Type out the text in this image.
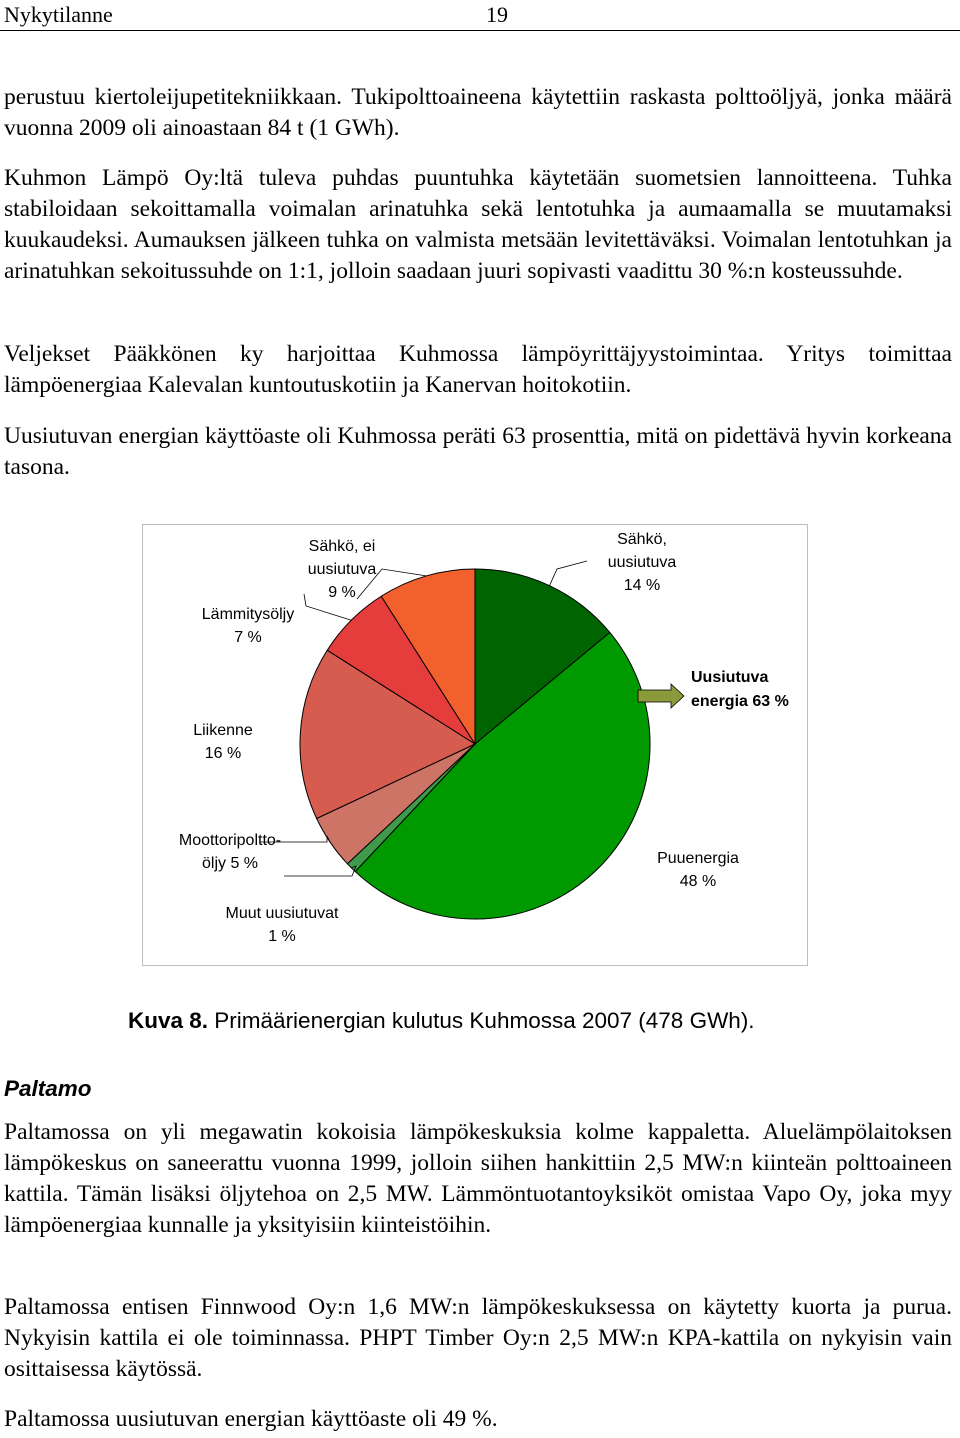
Nykytilanne	19

perustuu kiertoleijupetitekniikkaan. Tukipolttoaineena käytettiin raskasta polttoöljyä, jonka määrä vuonna 2009 oli ainoastaan 84 t (1 GWh).

Kuhmon Lämpö Oy:ltä tuleva puhdas puuntuhka käytetään suometsien lannoitteena. Tuhka stabiloidaan sekoittamalla voimalan arinatuhka sekä lentotuhka ja aumaamalla se muutamaksi kuukaudeksi. Aumauksen jälkeen tuhka on valmista metsään levitettäväksi. Voimalan lentotuhkan ja arinatuhkan sekoitussuhde on 1:1, jolloin saadaan juuri sopivasti vaadittu 30 %:n kosteussuhde.

Veljekset Pääkkönen ky harjoittaa Kuhmossa lämpöyrittäjyystoimintaa. Yritys toimittaa lämpöenergiaa Kalevalan kuntoutuskotiin ja Kanervan hoitokotiin.

Uusiutuvan energian käyttöaste oli Kuhmossa peräti 63 prosenttia, mitä on pidettävä hyvin korkeana tasona.

Sähkö, uusiutuva 14 %
Puuenergia 48 %
Muut uusiutuvat 1 %
Moottoripoltto-öljy 5 %
Liikenne 16 %
Lämmitysöljy 7 %
Sähkö, ei uusiutuva 9 %
Uusiutuva energia 63 %
Kuva 8. Primäärienergian kulutus Kuhmossa 2007 (478 GWh).
Paltamo

Paltamossa on yli megawatin kokoisia lämpökeskuksia kolme kappaletta. Aluelämpölaitoksen lämpökeskus on saneerattu vuonna 1999, jolloin siihen hankittiin 2,5 MW:n kiinteän polttoaineen kattila. Tämän lisäksi öljytehoa on 2,5 MW. Lämmöntuotantoyksiköt omistaa Vapo Oy, joka myy lämpöenergiaa kunnalle ja yksityisiin kiinteistöihin.

Paltamossa entisen Finnwood Oy:n 1,6 MW:n lämpökeskuksessa on käytetty kuorta ja purua. Nykyisin kattila ei ole toiminnassa. PHPT Timber Oy:n 2,5 MW:n KPA-kattila on nykyisin vain osittaisessa käytössä.

Paltamossa uusiutuvan energian käyttöaste oli 49 %.
